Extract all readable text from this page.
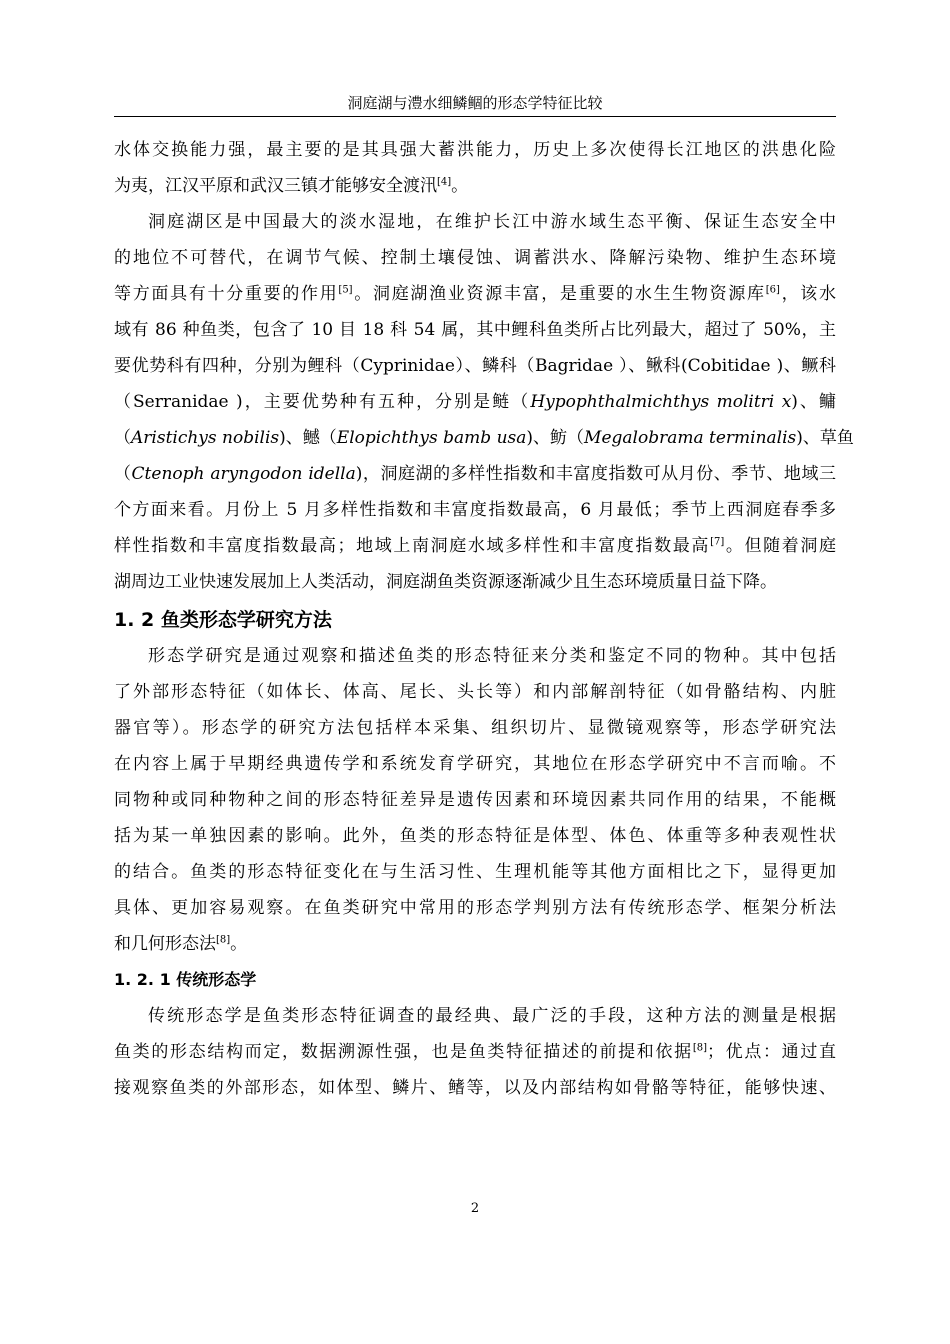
洞庭湖与澧水细鳞鲴的形态学特征比较
水体交换能力强，最主要的是其具强大蓄洪能力，历史上多次使得长江地区的洪患化险
为夷，江汉平原和武汉三镇才能够安全渡汛[4]。
洞庭湖区是中国最大的淡水湿地，在维护长江中游水域生态平衡、保证生态安全中
的地位不可替代，在调节气候、控制土壤侵蚀、调蓄洪水、降解污染物、维护生态环境
等方面具有十分重要的作用[5]。洞庭湖渔业资源丰富，是重要的水生生物资源库[6]，该水
域有 86 种鱼类，包含了 10 目 18 科 54 属，其中鲤科鱼类所占比列最大，超过了 50%，主
要优势科有四种，分别为鲤科（Cyprinidae）、鳞科（Bagridae ）、鳅科(Cobitidae )、鳜科
（Serranidae )，主要优势种有五种，分别是鲢（Hypophthalmichthys molitri x)、鳙
（Aristichys nobilis)、鳡（Elopichthys bamb usa)、鲂（Megalobrama terminalis)、草鱼
（Ctenoph aryngodon idella)，洞庭湖的多样性指数和丰富度指数可从月份、季节、地域三
个方面来看。月份上 5 月多样性指数和丰富度指数最高，6 月最低；季节上西洞庭春季多
样性指数和丰富度指数最高；地域上南洞庭水域多样性和丰富度指数最高[7]。但随着洞庭
湖周边工业快速发展加上人类活动，洞庭湖鱼类资源逐渐减少且生态环境质量日益下降。
1. 2 鱼类形态学研究方法
形态学研究是通过观察和描述鱼类的形态特征来分类和鉴定不同的物种。其中包括
了外部形态特征（如体长、体高、尾长、头长等）和内部解剖特征（如骨骼结构、内脏
器官等）。形态学的研究方法包括样本采集、组织切片、显微镜观察等，形态学研究法
在内容上属于早期经典遗传学和系统发育学研究，其地位在形态学研究中不言而喻。不
同物种或同种物种之间的形态特征差异是遗传因素和环境因素共同作用的结果，不能概
括为某一单独因素的影响。此外，鱼类的形态特征是体型、体色、体重等多种表观性状
的结合。鱼类的形态特征变化在与生活习性、生理机能等其他方面相比之下，显得更加
具体、更加容易观察。在鱼类研究中常用的形态学判别方法有传统形态学、框架分析法
和几何形态法[8]。
1. 2. 1 传统形态学
传统形态学是鱼类形态特征调查的最经典、最广泛的手段，这种方法的测量是根据
鱼类的形态结构而定，数据溯源性强，也是鱼类特征描述的前提和依据[8]；优点：通过直
接观察鱼类的外部形态，如体型、鳞片、鳍等，以及内部结构如骨骼等特征，能够快速、
2
